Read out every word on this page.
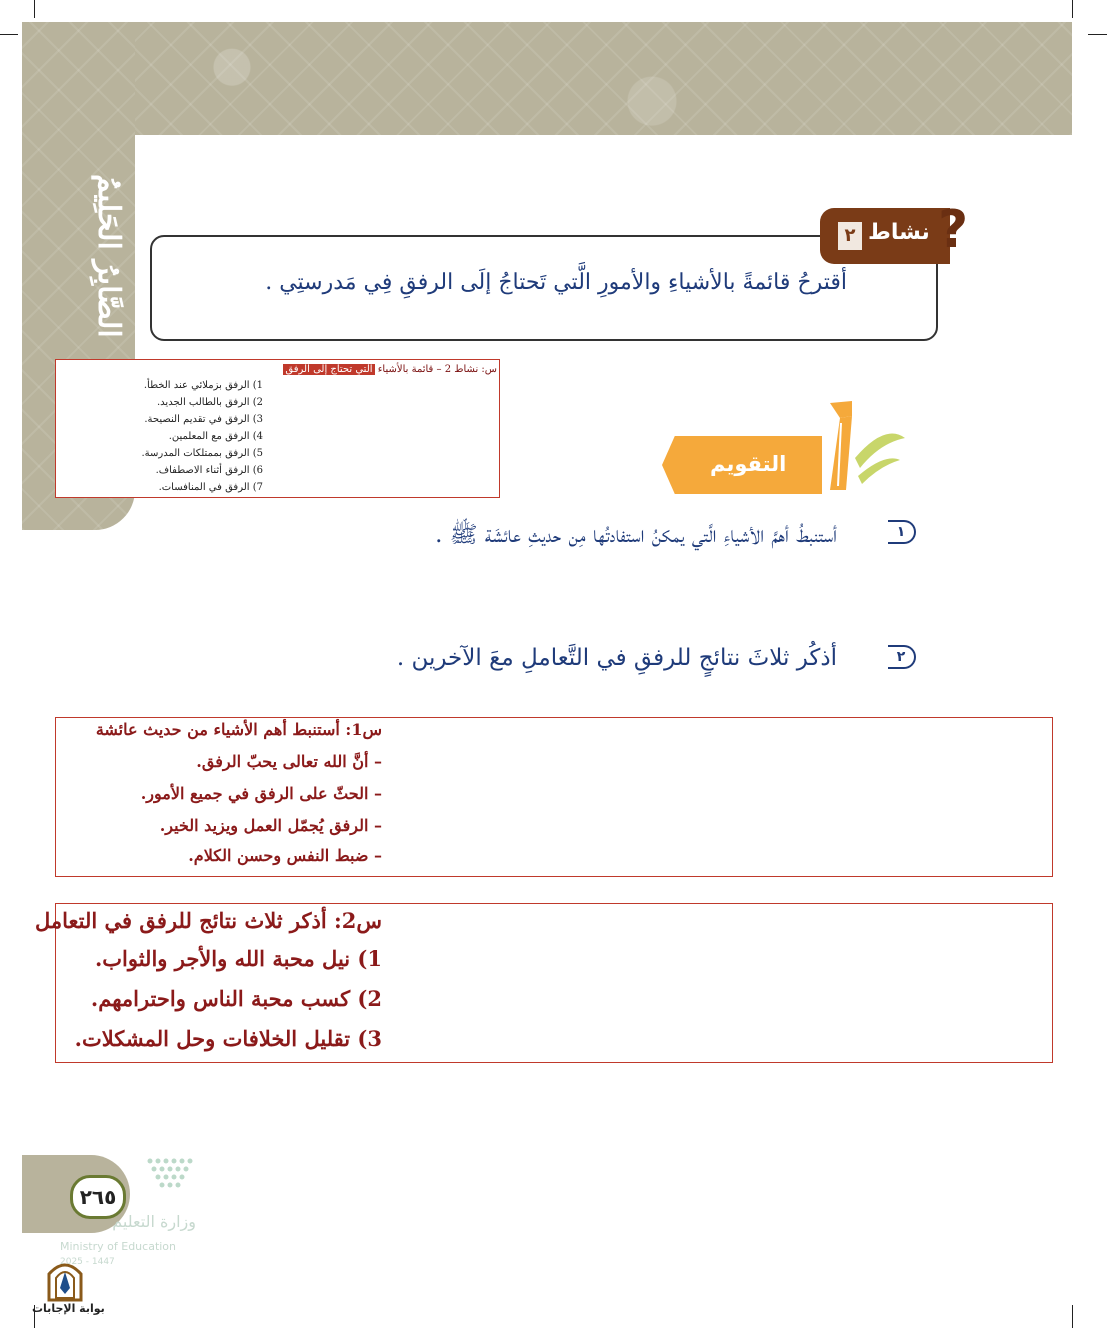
الصَّابِرُ الحَلِيمُ	٢ نشاط ?
أقترحُ قائمةً بالأشياءِ والأمورِ الَّتي تَحتاجُ إلَى الرفقِ فِي مَدرستِي .
س: نشاط 2 – قائمة بالأشياء التي تحتاج إلى الرفق
1) الرفق بزملائي عند الخطأ.
2) الرفق بالطالب الجديد.
3) الرفق في تقديم النصيحة.
4) الرفق مع المعلمين.
5) الرفق بممتلكات المدرسة.
6) الرفق أثناء الاصطفاف.
7) الرفق في المنافسات.
التقويم
١
أستنبطُ أهمَّ الأشياءِ الَّتي يمكنُ استفادتُها مِن حديثِ عائشَة ﷺ .
٢
أذكُر ثلاثَ نتائجٍ للرفقِ في التَّعاملِ معَ الآخرين .
س1: أستنبط أهم الأشياء من حديث عائشة
– أنَّ الله تعالى يحبّ الرفق.
– الحثّ على الرفق في جميع الأمور.
– الرفق يُجمّل العمل ويزيد الخير.
– ضبط النفس وحسن الكلام.
س2: أذكر ثلاث نتائج للرفق في التعامل
1) نيل محبة الله والأجر والثواب.
2) كسب محبة الناس واحترامهم.
3) تقليل الخلافات وحل المشكلات.
٢٦٥
وزارة التعليم
Ministry of Education
2025 - 1447
بوابة الإجابات
